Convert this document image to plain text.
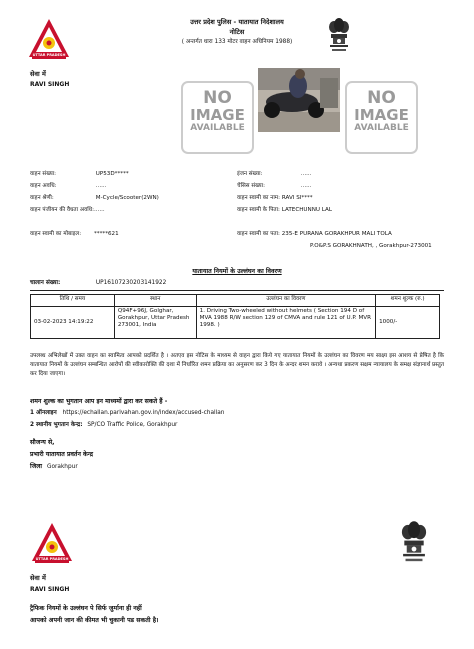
UTTAR PRADESH
उत्तर प्रदेश पुलिस - यातायात निदेशालय
नोटिस
( अन्तर्गत धारा 133 मोटर वाहन अधिनियम 1988)
सेवा में
RAVI SINGH
NO
IMAGE
AVAILABLE
NO
IMAGE
AVAILABLE
वाहन संख्या:	UP53D*****
वाहन अवधि:	......
वाहन श्रेणी:	M-Cycle/Scooter(2WN)
वाहन पंजीयन की वैधता अवधि: ......
वाहन स्वामी का मोबाइल:	*****621
इंजन संख्या:	......
चेसिस संख्या:	......
वाहन स्वामी का नाम: RAVI SI****
वाहन स्वामी के पिता: LATECHUNNU LAL
वाहन स्वामी का पता: 235-E PURANA GORAKHPUR MALI TOLA
P.O&P.S GORAKHNATH, , Gorakhpur-273001
यातायात नियमों के उल्लंघन का विवरण
चालान संख्या:	UP16107230203141922
तिथि / समय	स्थान	उल्लंघन का विवरण	शमन शुल्क (रु.)
03-02-2023 14:19:22	Q94F+96J, Golghar, Gorakhpur, Uttar Pradesh 273001, India	1. Driving Two-wheeled without helmets ( Section 194 D of MVA 1988 R/W section 129 of CMVA and rule 121 of U.P. MVR 1998. )	1000/-
उपलब्ध अभिलेखों में उक्त वाहन का स्वामित्व आपको प्रदर्शित है । अतएव इस नोटिस के माध्यम से वाहन द्वारा किये गए यातायात नियमों के उल्लंघन का विवरण मय साक्ष्य इस आशय से प्रेषित है कि यातायात नियमों के उल्लंघन सम्बन्धित आरोपों की स्वीकारोक्ति की दशा में निर्धारित शमन प्रक्रिया का अनुसरण कर 3 दिन के अन्दर शमन करावे । अन्यथा प्रकरण सक्षम न्यायालय के समक्ष संज्ञानार्थ प्रस्तुत कर दिया जाएगा।
शमन शुल्क का भुगतान आप इन माध्यमों द्वारा कर सकते हैं -
1 ऑनलाइन https://echallan.parivahan.gov.in/index/accused-challan
2 स्थानीय भुगतान केन्द्र: SP/CO Traffic Police, Gorakhpur
सौजन्य से,
प्रभारी यातायात प्रवर्तन केन्द्र
जिला Gorakhpur
UTTAR PRADESH
सेवा में
RAVI SINGH
ट्रैफिक नियमों के उल्लंघन पे सिर्फ जुर्माना ही नहीं
आपको अपनी जान की कीमत भी चुकानी पड सकती है।
